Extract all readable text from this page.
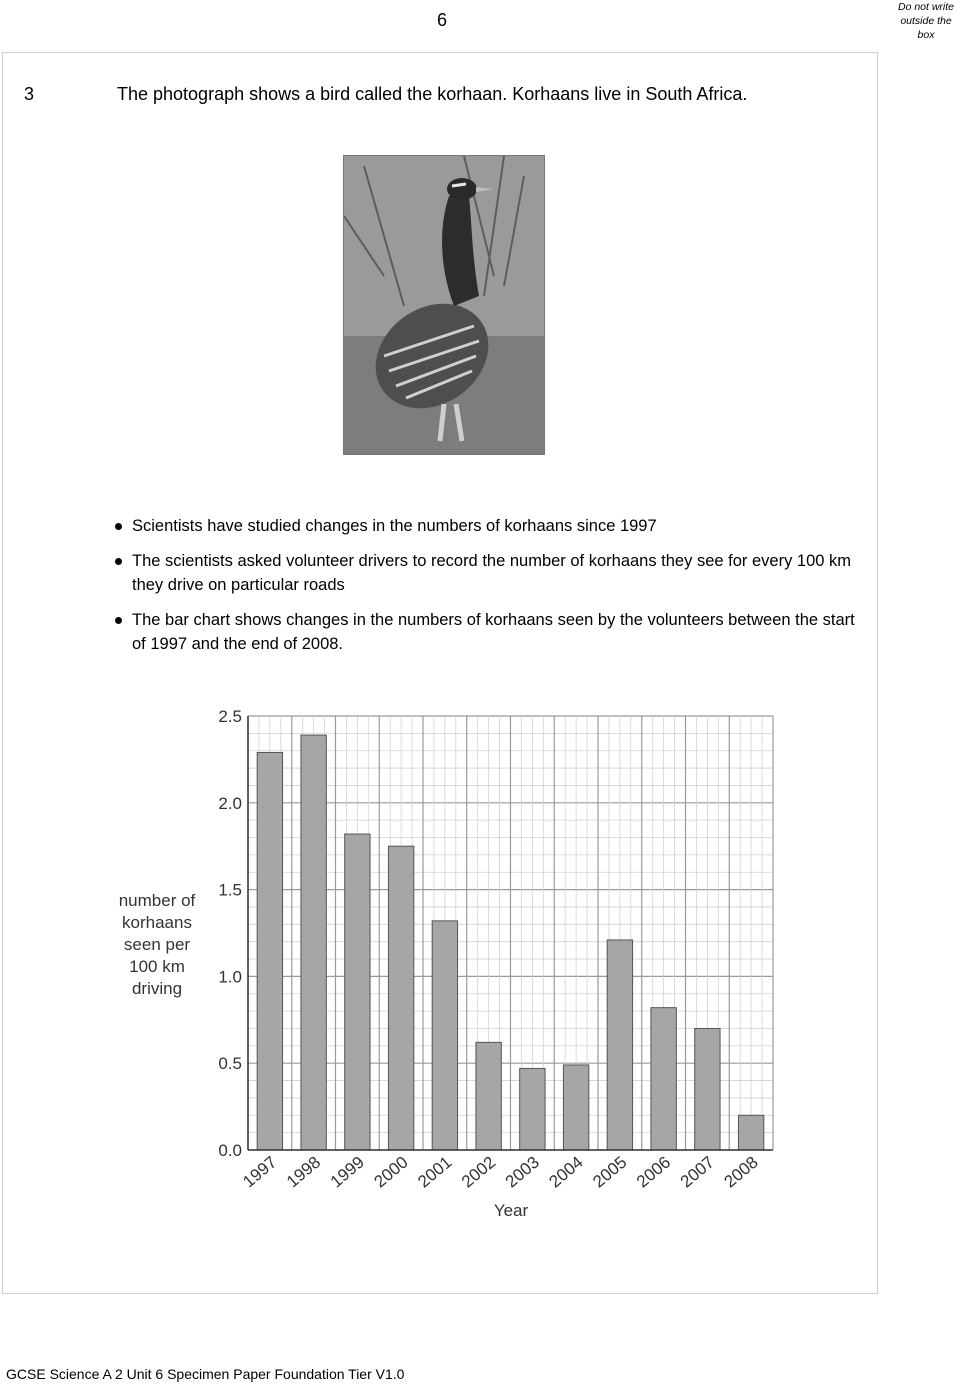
6
Do not write
outside the
box
3	The photograph shows a bird called the korhaan. Korhaans live in South Africa.
Scientists have studied changes in the numbers of korhaans since 1997
The scientists asked volunteer drivers to record the number of korhaans they see for every 100 km they drive on particular roads
The bar chart shows changes in the numbers of korhaans seen by the volunteers between the start of 1997 and the end of 2008.
0.0
0.5
1.0
1.5
2.0
2.5
1997 1998 1999 2000 2001 2002 2003 2004 2005 2006 2007 2008
number of
korhaans
seen per
100 km
driving
Year
GCSE Science A 2 Unit 6 Specimen Paper Foundation Tier V1.0
